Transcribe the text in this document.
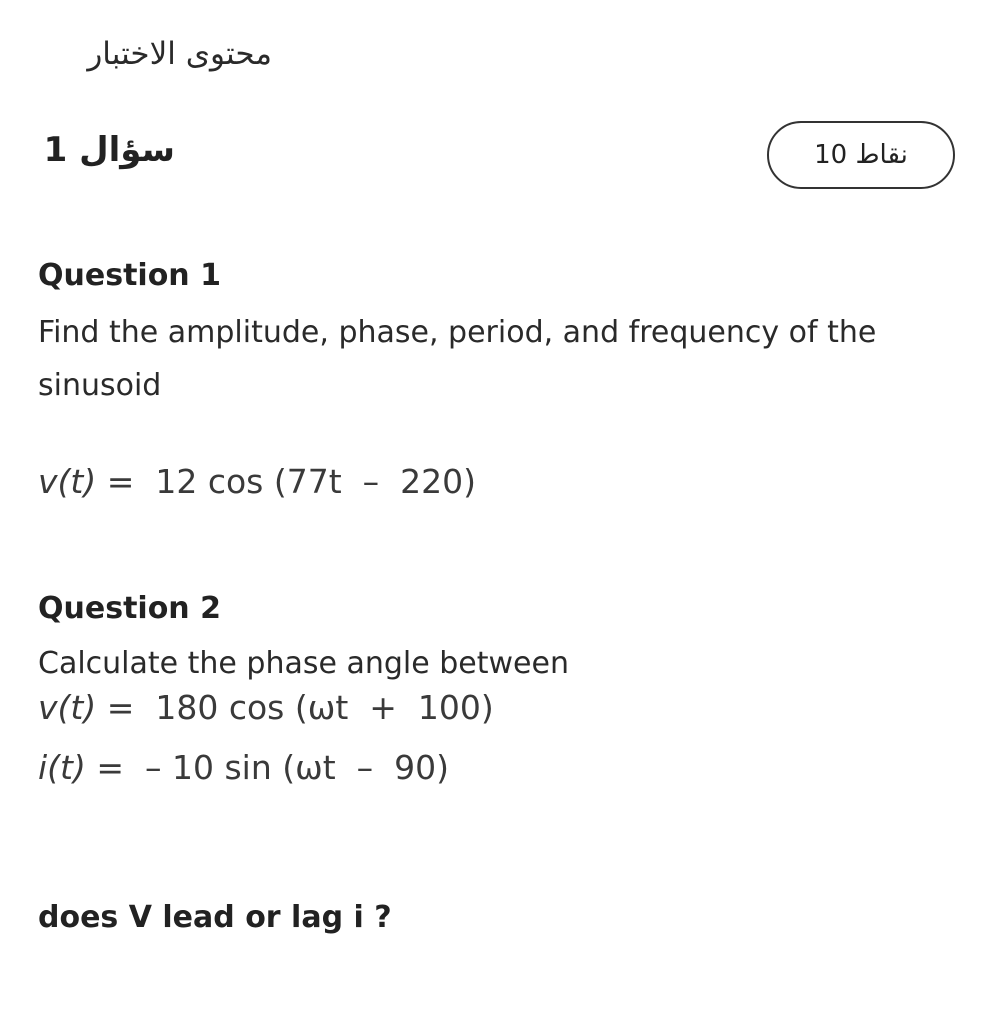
محتوى الاختبار
سؤال 1	نقاط 10
Question 1
Find the amplitude, phase, period, and frequency of the
sinusoid
v(t) =  12 cos (77t  –  220)
Question 2
Calculate the phase angle between
v(t) =  180 cos (ωt  +  100)
i(t) =  – 10 sin (ωt  –  90)
does V lead or lag i ?
